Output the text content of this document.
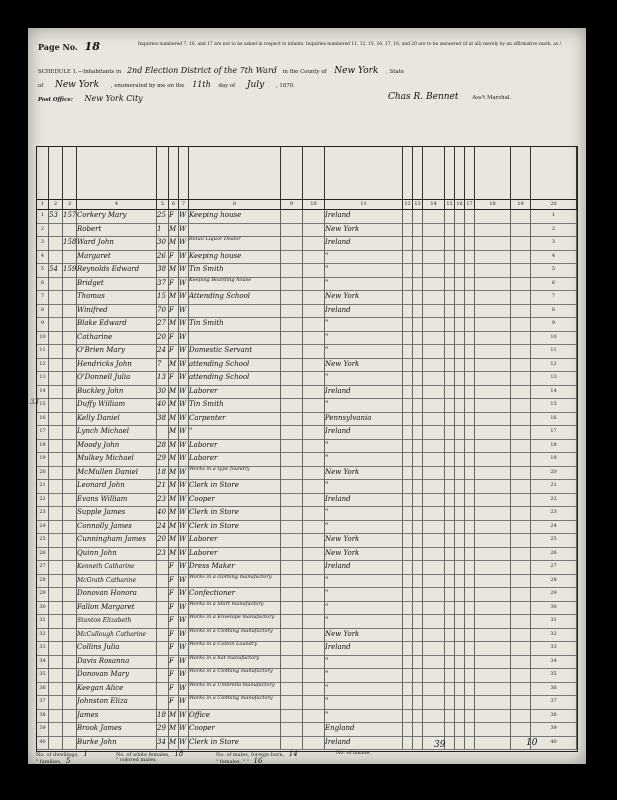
Page No. 18	Inquiries numbered 7, 16, and 17 are not to be asked in respect to infants. Inquiries numbered 11, 12, 15, 16, 17, 18, and 20 are to be answered (if at all) merely by an affirmative mark, as /.
SCHEDULE 1.—Inhabitants in 2nd Election District of the 7th Ward in the County of New York , State
of New York , enumerated by me on the 11th day of July , 1870.
Post Office: New York City	Chas R. Bennet	Ass't Marshal.
1 53 157 Corkery Mary	25 F W Keeping house	Ireland	1
2	Robert	1	M W	New York	2
3	158 Ward John	30 M W Retail Liquor Dealer	Ireland	3
4	Margaret	26 F W Keeping house	"	4
5 54 159 Reynolds Edward	38 M W Tin Smith	"	5
6	Bridget	37 F W Keeping Boarding house	"	6
7	Thomas	15 M W Attending School	New York	7
8	Winifred	70 F W	Ireland	8
9	Blake Edward	27 M W Tin Smith	"	9
10	Catharine	20 F W	"	10
11	O'Brien Mary	24 F W Domestic Servant	"	11
12	Hendricks John	7	M W attending School	New York	12
13	O'Donnell Julia	13 F W attending School	"	13
14	Buckley John	30 M W Laborer	Ireland	14
15	Duffy William	40 M W Tin Smith	"	15
16	Kelly Daniel	38 M W Carpenter	Pennsylvania	16
17	Lynch Michael	M W "	Ireland	17
18	Moody John	28 M W Laborer	"	18
19	Mulkey Michael	29 M W Laborer	"	19
20	McMullen Daniel	18 M W Works in a type foundry	New York	20
21	Leonard John	21 M W Clerk in Store	"	21
22	Evans William	23 M W Cooper	Ireland	22
23	Supple James	40 M W Clerk in Store	"	23
24	Connolly James	24 M W Clerk in Store	"	24
25	Cunningham James	20 M W Laborer	New York	25
26	Quinn John	23 M W Laborer	New York	26
27	Kenneth Catharine	F W Dress Maker	Ireland	27
28	McGrath Catharine	F W Works in a clothing manufactory	"	28
29	Donovan Honora	F W Confectioner	"	29
30	Fallon Margaret	F W Works in a Shirt manufactory	"	30
31	Stanton Elizabeth	F W Works in a Envelope manufactory	"	31
32	McCullough Catharine	F W Works in a Clothing manufactory	New York	32
33	Collins Julia	F W Works in a Cotton Laundry	Ireland	33
34	Davis Rosanna	F W Works in a hat manufactory	"	34
35	Donovan Mary	F W Works in a Clothing manufactory	"	35
36	Keegan Alice	F W Works in a Umbrella manufactory	"	36
37	Johnston Eliza	F W Works in a Clothing manufactory	"	37
38	James	18 M W Office	"	38
39	Brook James	29 M W Cooper	England	39
40	Burke John	34 M W Clerk in Store	Ireland	40
1	2	3	4	5	6	7	8	9	10	11	12 13	14	15 16 17	18	19	20
33
No. of dwellings, 1	No. of white females, 18	No. of males, foreign born, 14
" families, 5	" colored males,	" females, " " 16
No. of insane,
39	10
